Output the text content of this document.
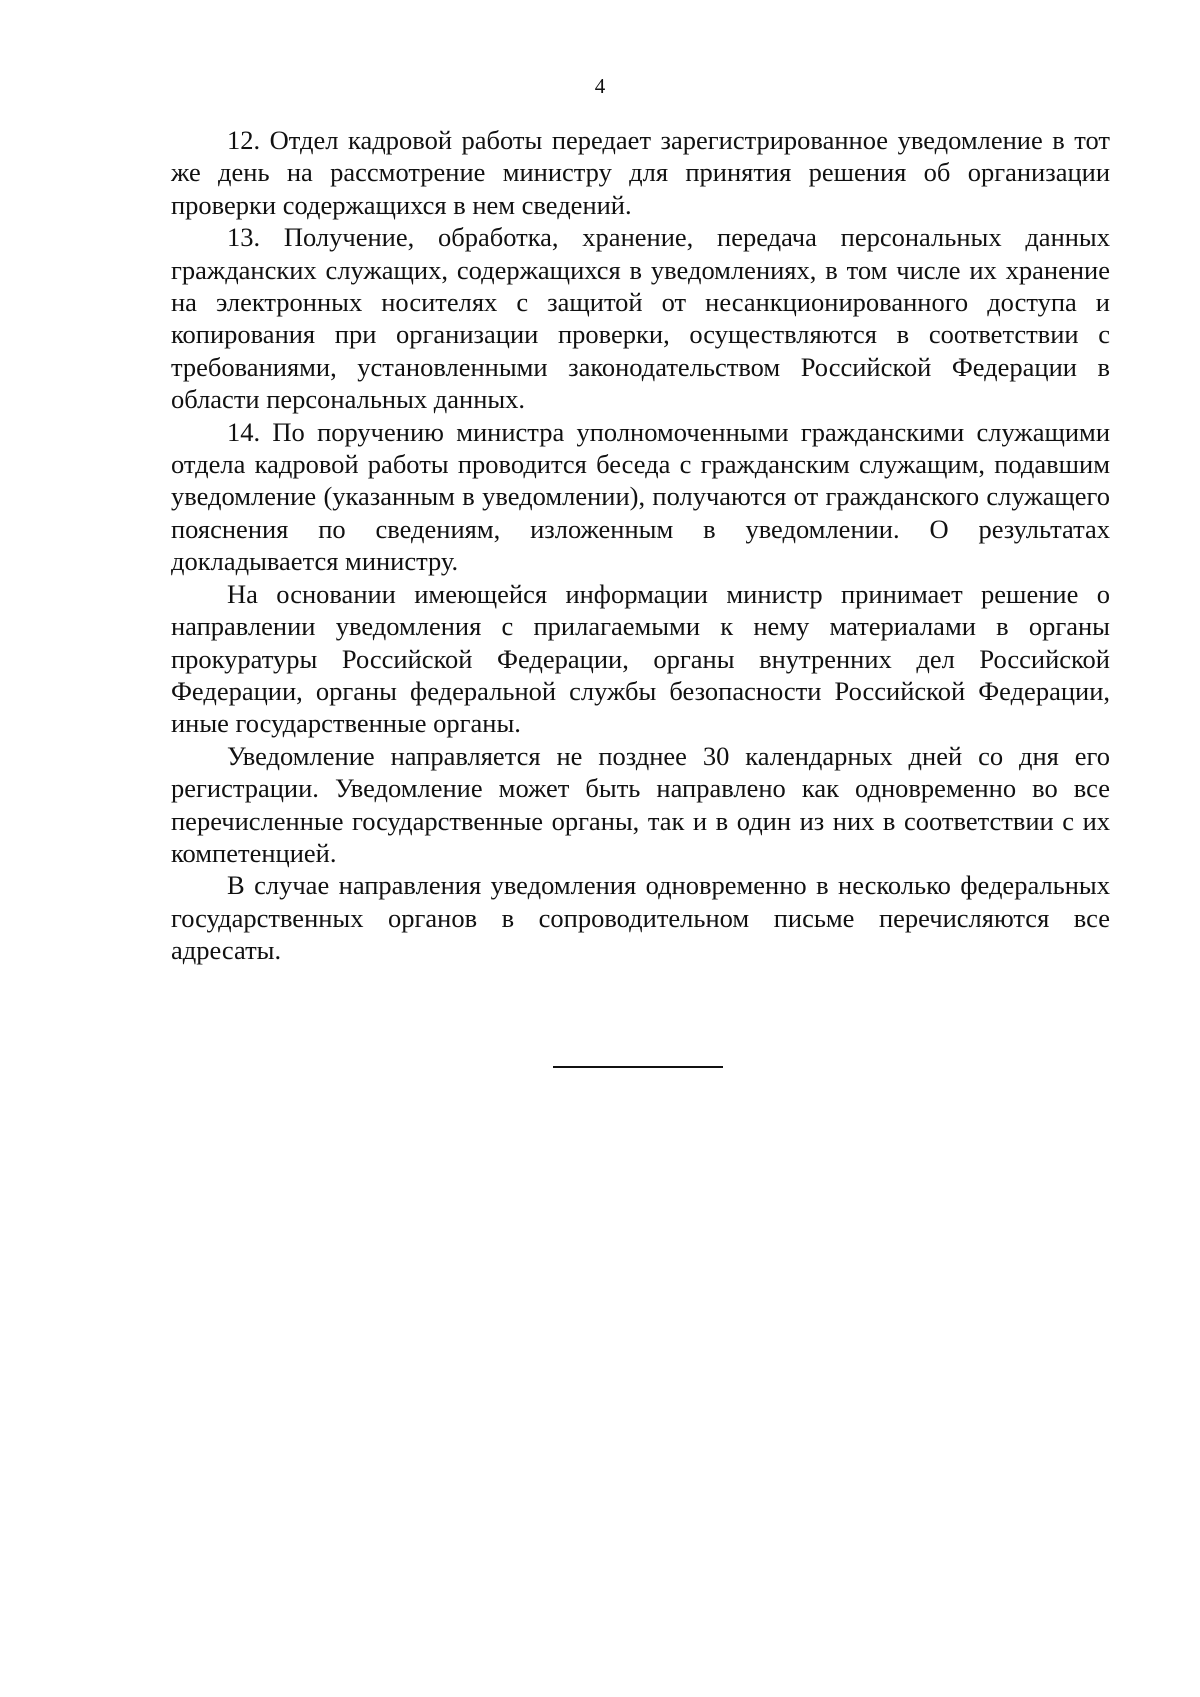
4

12. Отдел кадровой работы передает зарегистрированное уведомление в тот же день на рассмотрение министру для принятия решения об организации проверки содержащихся в нем сведений.

13. Получение, обработка, хранение, передача персональных данных гражданских служащих, содержащихся в уведомлениях, в том числе их хранение на электронных носителях с защитой от несанкционированного доступа и копирования при организации проверки, осуществляются в соответствии с требованиями, установленными законодательством Российской Федерации в области персональных данных.

14. По поручению министра уполномоченными гражданскими служащими отдела кадровой работы проводится беседа с гражданским служащим, подавшим уведомление (указанным в уведомлении), получаются от гражданского служащего пояснения по сведениям, изложенным в уведомлении. О результатах докладывается министру.

На основании имеющейся информации министр принимает решение о направлении уведомления с прилагаемыми к нему материалами в органы прокуратуры Российской Федерации, органы внутренних дел Российской Федерации, органы федеральной службы безопасности Российской Федерации, иные государственные органы.

Уведомление направляется не позднее 30 календарных дней со дня его регистрации. Уведомление может быть направлено как одновременно во все перечисленные государственные органы, так и в один из них в соответствии с их компетенцией.

В случае направления уведомления одновременно в несколько федеральных государственных органов в сопроводительном письме перечисляются все адресаты.
